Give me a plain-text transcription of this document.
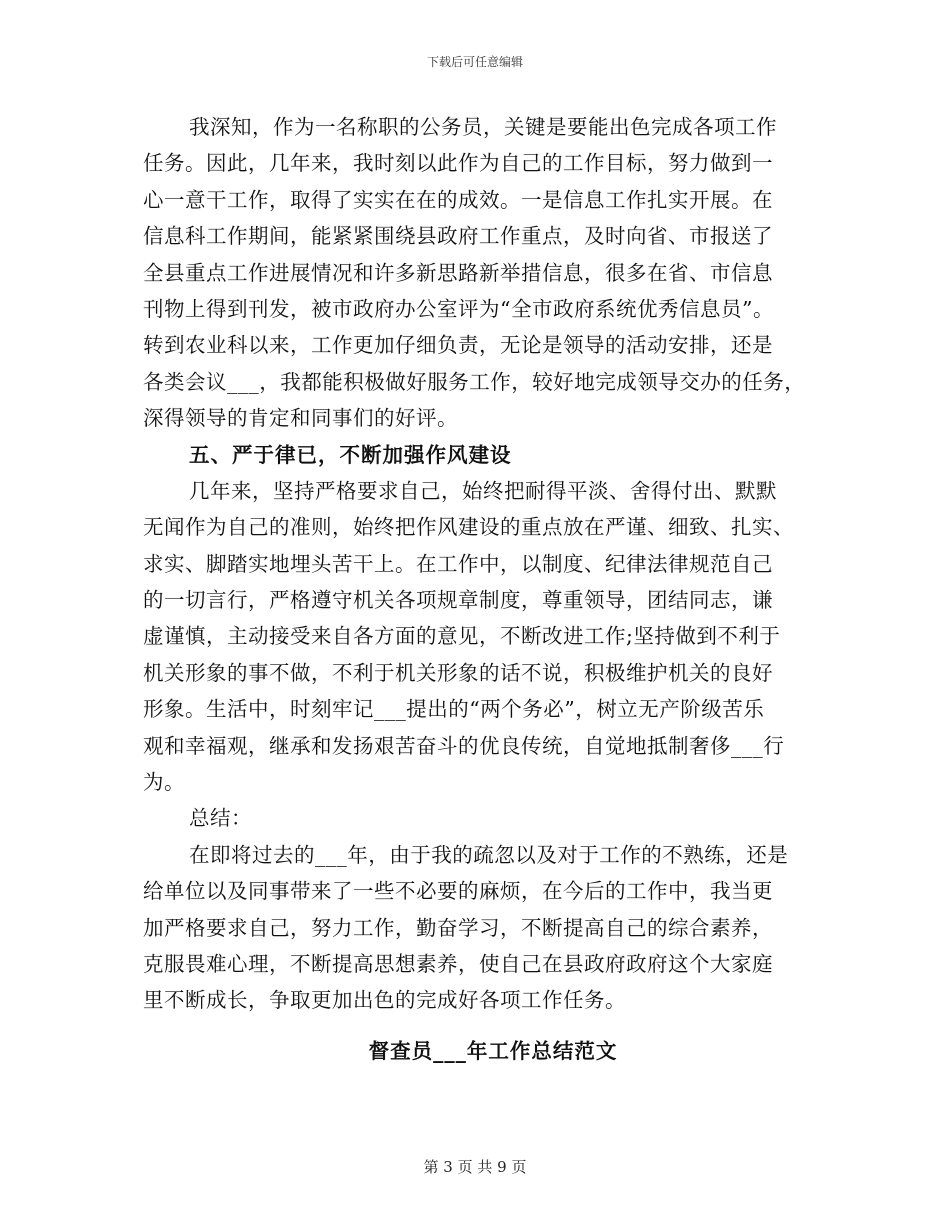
下载后可任意编辑
我深知，作为一名称职的公务员，关键是要能出色完成各项工作
任务。因此，几年来，我时刻以此作为自己的工作目标，努力做到一
心一意干工作，取得了实实在在的成效。一是信息工作扎实开展。在
信息科工作期间，能紧紧围绕县政府工作重点，及时向省、市报送了
全县重点工作进展情况和许多新思路新举措信息，很多在省、市信息
刊物上得到刊发，被市政府办公室评为“全市政府系统优秀信息员”。
转到农业科以来，工作更加仔细负责，无论是领导的活动安排，还是
各类会议___，我都能积极做好服务工作，较好地完成领导交办的任务，
深得领导的肯定和同事们的好评。
五、严于律已，不断加强作风建设
几年来，坚持严格要求自己，始终把耐得平淡、舍得付出、默默
无闻作为自己的准则，始终把作风建设的重点放在严谨、细致、扎实、
求实、脚踏实地埋头苦干上。在工作中，以制度、纪律法律规范自己
的一切言行，严格遵守机关各项规章制度，尊重领导，团结同志，谦
虚谨慎，主动接受来自各方面的意见，不断改进工作;坚持做到不利于
机关形象的事不做，不利于机关形象的话不说，积极维护机关的良好
形象。生活中，时刻牢记___提出的“两个务必”，树立无产阶级苦乐
观和幸福观，继承和发扬艰苦奋斗的优良传统，自觉地抵制奢侈___行
为。
总结：
在即将过去的___年，由于我的疏忽以及对于工作的不熟练，还是
给单位以及同事带来了一些不必要的麻烦，在今后的工作中，我当更
加严格要求自己，努力工作，勤奋学习，不断提高自己的综合素养，
克服畏难心理，不断提高思想素养，使自己在县政府政府这个大家庭
里不断成长，争取更加出色的完成好各项工作任务。
督查员___年工作总结范文
第 3 页 共 9 页
